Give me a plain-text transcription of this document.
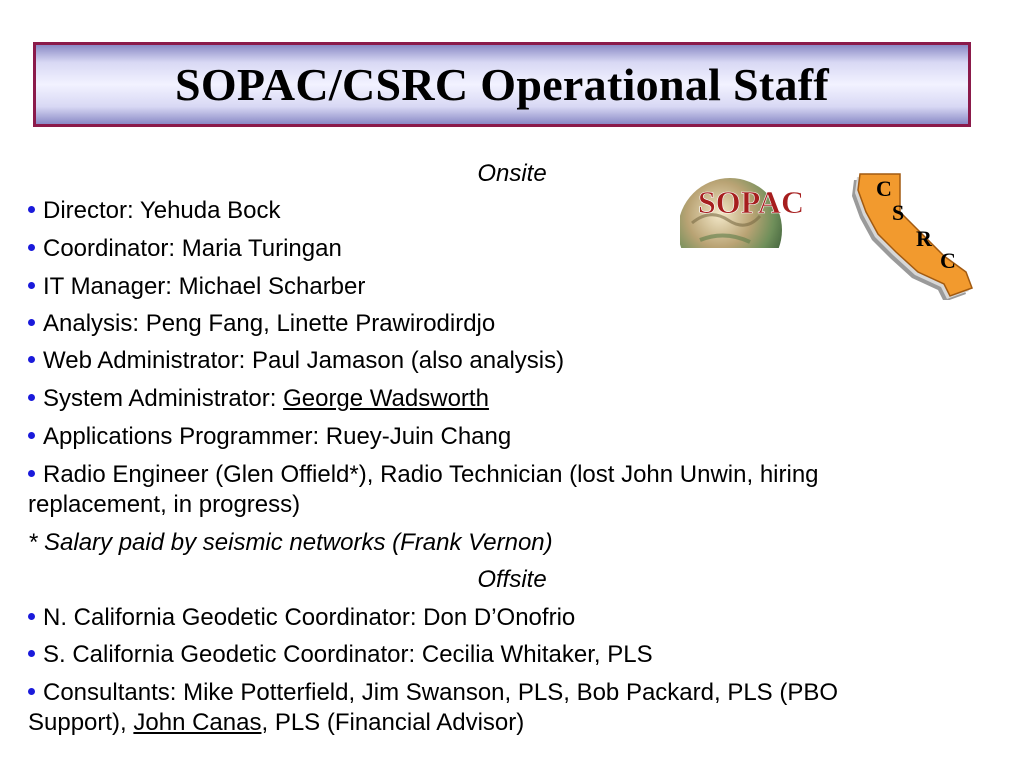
SOPAC/CSRC Operational Staff
SOPAC	C
S
R
C
Onsite
Director: Yehuda Bock
Coordinator: Maria Turingan
IT Manager: Michael Scharber
Analysis: Peng Fang, Linette Prawirodirdjo
Web Administrator: Paul Jamason (also analysis)
System Administrator: George Wadsworth
Applications Programmer: Ruey-Juin Chang
Radio Engineer (Glen Offield*), Radio Technician (lost John Unwin, hiring
replacement, in progress)
* Salary paid by seismic networks (Frank Vernon)
Offsite
N. California Geodetic Coordinator: Don D’Onofrio
S. California Geodetic Coordinator: Cecilia Whitaker, PLS
Consultants: Mike Potterfield, Jim Swanson, PLS, Bob Packard, PLS (PBO
Support), John Canas, PLS (Financial Advisor)
